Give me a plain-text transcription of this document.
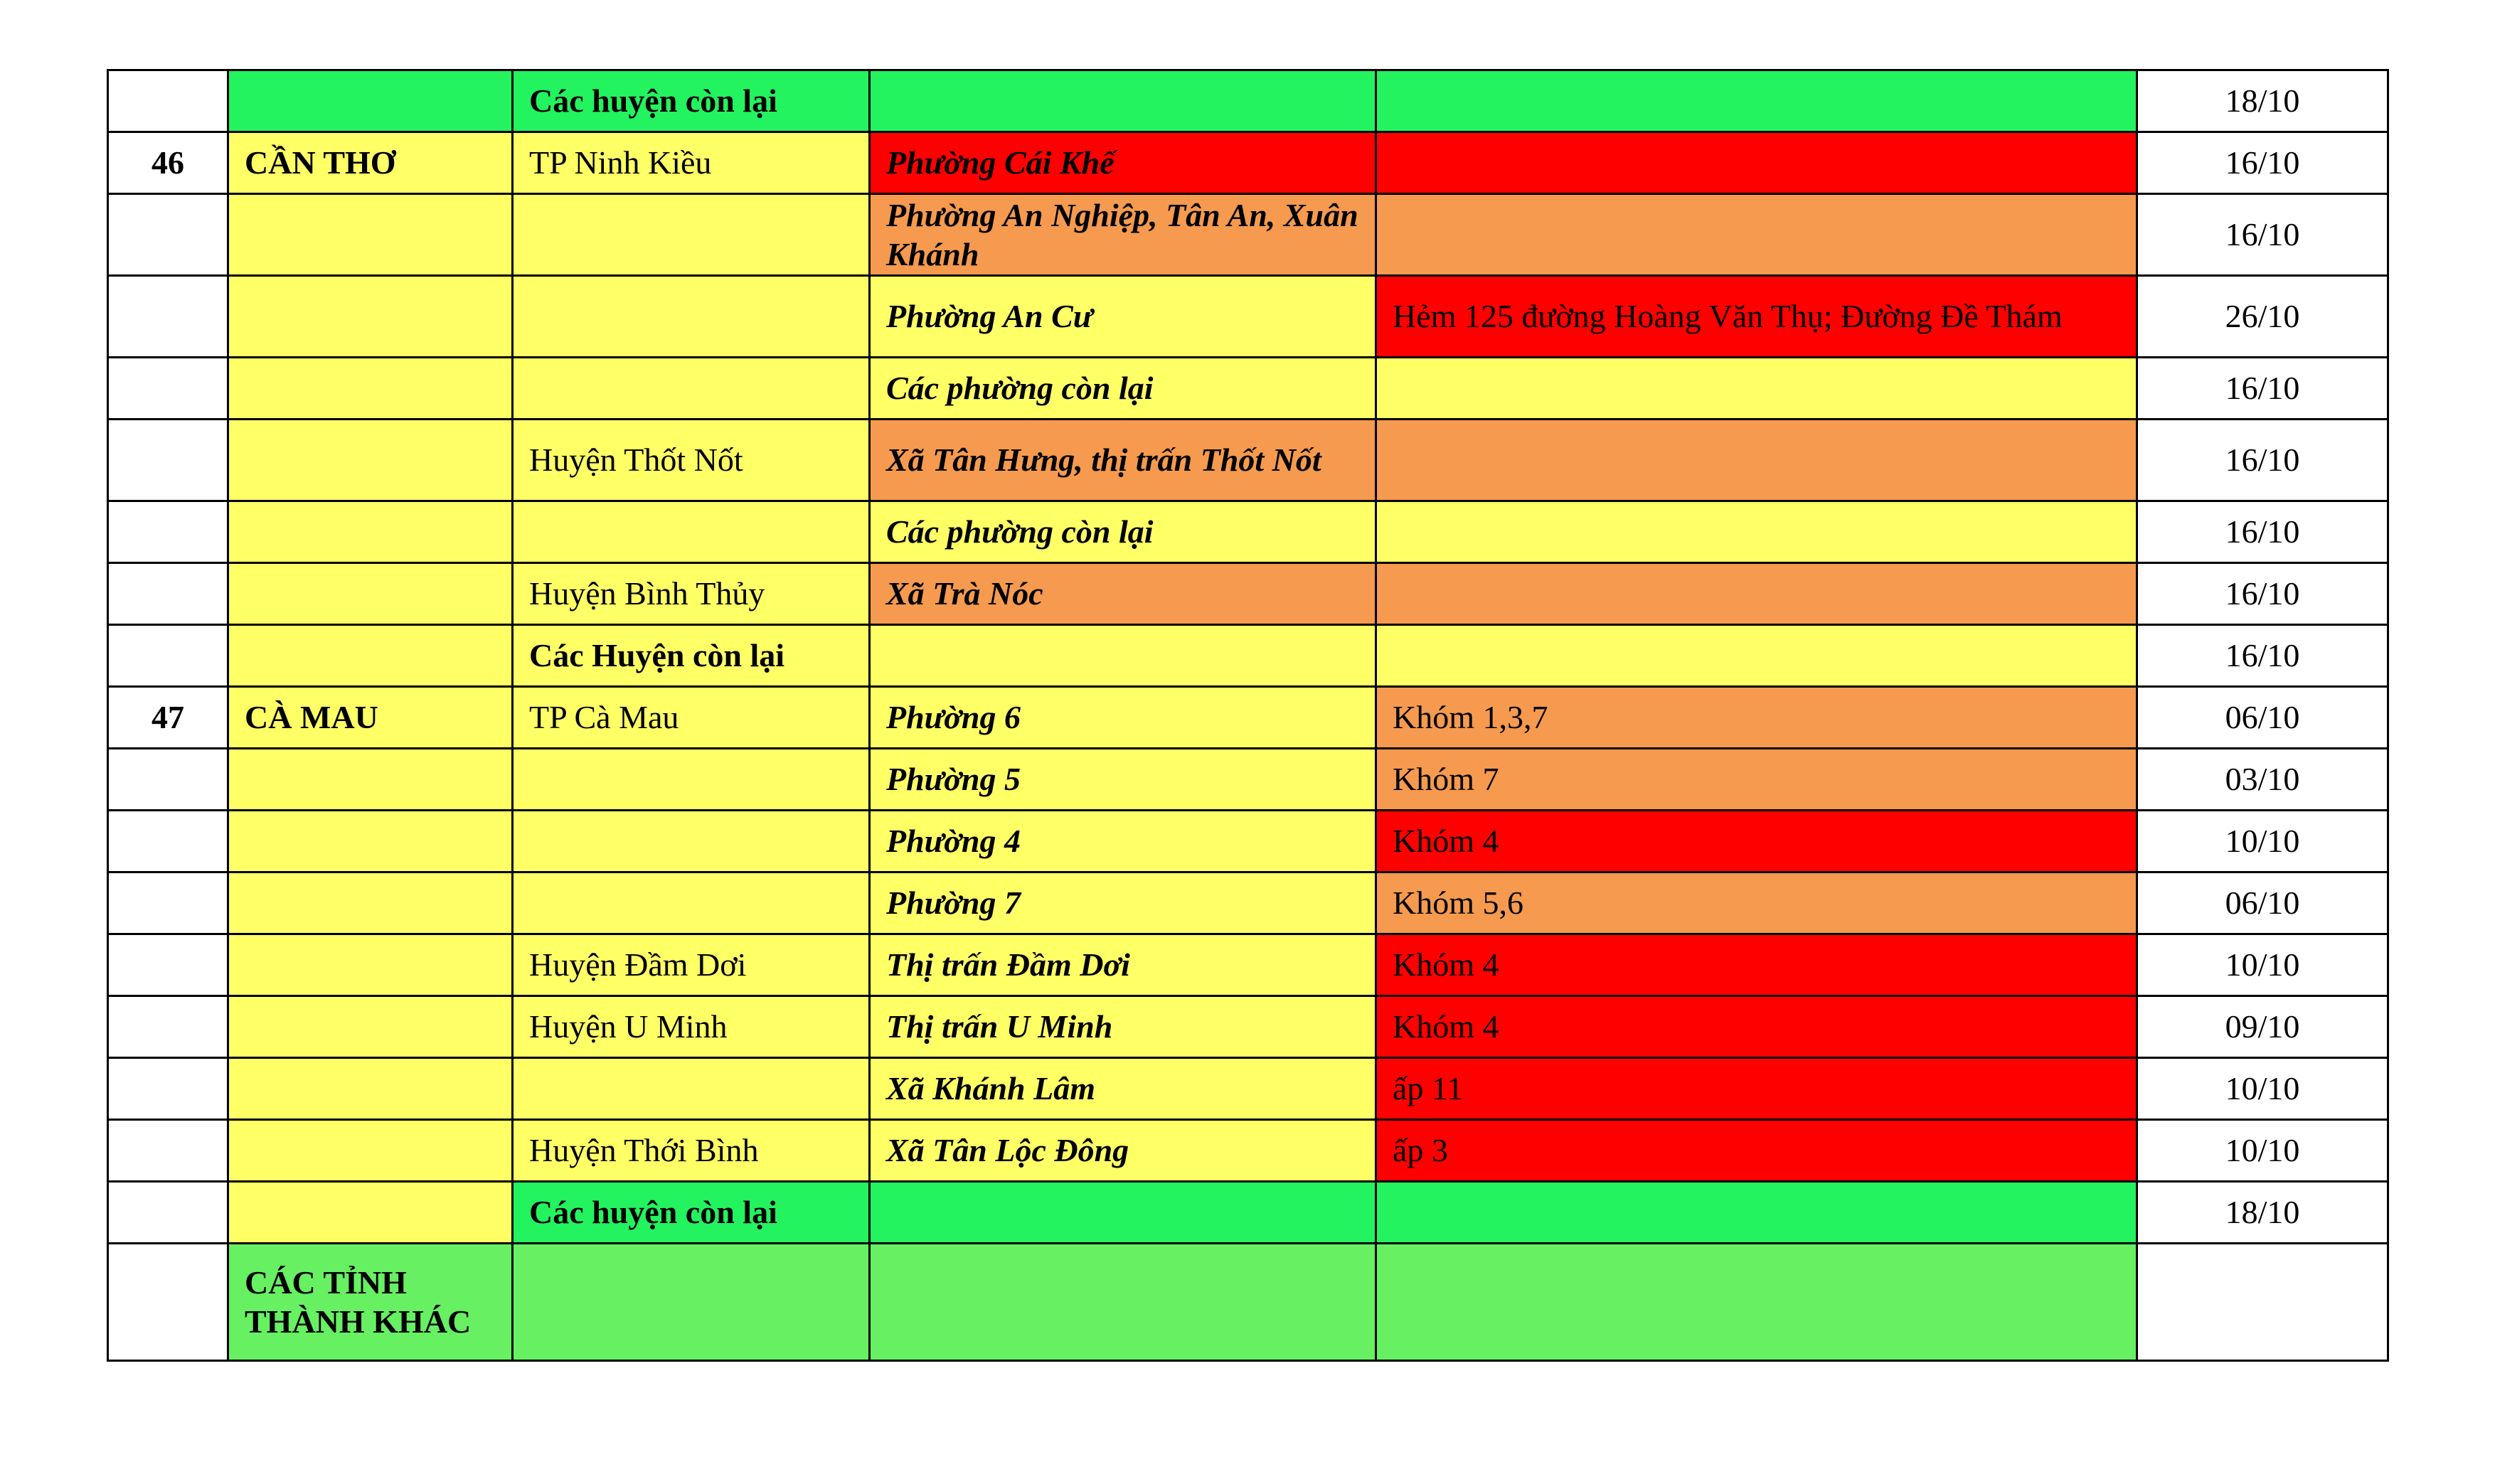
		Các huyện còn lại			18/10
46	CẦN THƠ	TP Ninh Kiều	Phường Cái Khế		16/10
			Phường An Nghiệp, Tân An, Xuân Khánh		16/10
			Phường An Cư	Hẻm 125 đường Hoàng Văn Thụ; Đường Đề Thám	26/10
			Các phường còn lại		16/10
		Huyện Thốt Nốt	Xã Tân Hưng, thị trấn Thốt Nốt		16/10
			Các phường còn lại		16/10
		Huyện Bình Thủy	Xã Trà Nóc		16/10
		Các Huyện còn lại			16/10
47	CÀ MAU	TP Cà Mau	Phường 6	Khóm 1,3,7	06/10
			Phường 5	Khóm 7	03/10
			Phường 4	Khóm 4	10/10
			Phường 7	Khóm 5,6	06/10
		Huyện Đầm Dơi	Thị trấn Đầm Dơi	Khóm 4	10/10
		Huyện U Minh	Thị trấn U Minh	Khóm 4	09/10
			Xã Khánh Lâm	ấp 11	10/10
		Huyện Thới Bình	Xã Tân Lộc Đông	ấp 3	10/10
		Các huyện còn lại			18/10
	CÁC TỈNH THÀNH KHÁC				
